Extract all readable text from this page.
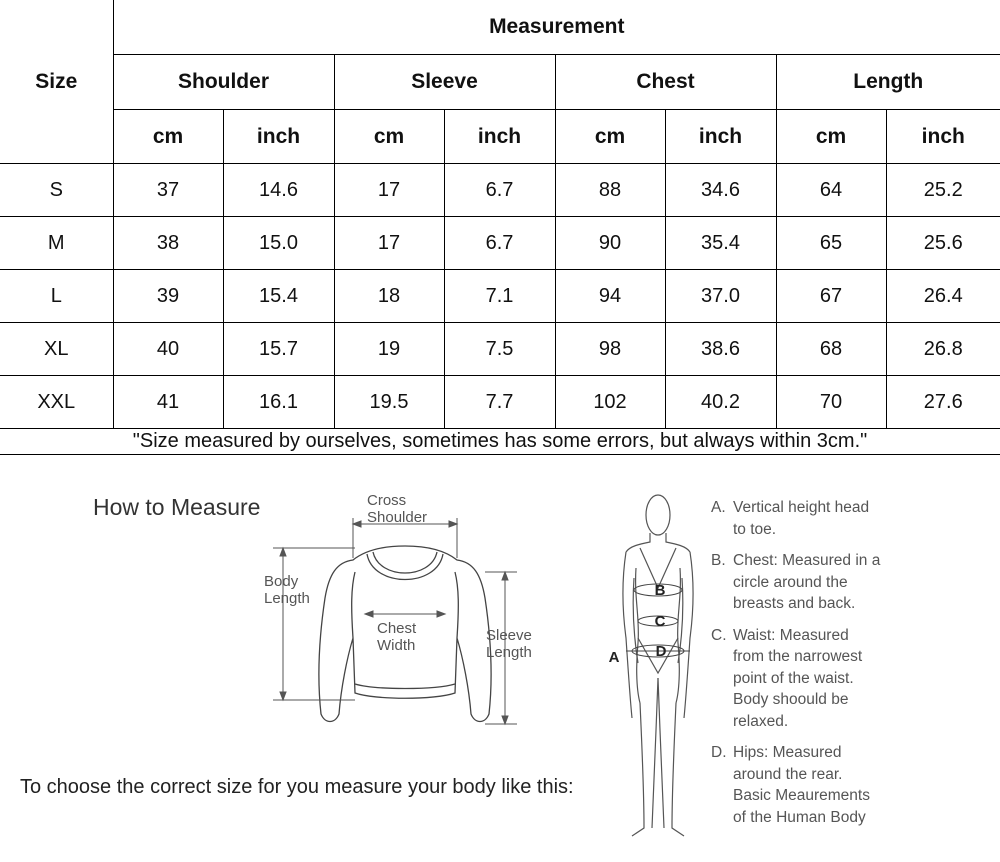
Size	Measurement							
	Shoulder		Sleeve		Chest		Length	
	cm	inch	cm	inch	cm	inch	cm	inch
S	37	14.6	17	6.7	88	34.6	64	25.2
M	38	15.0	17	6.7	90	35.4	65	25.6
L	39	15.4	18	7.1	94	37.0	67	26.4
XL	40	15.7	19	7.5	98	38.6	68	26.8
XXL	41	16.1	19.5	7.7	102	40.2	70	27.6
"Size measured by ourselves, sometimes has some errors, but always within 3cm."								
How to Measure
To choose the correct size for you measure your body like this:
Cross
Shoulder
Body
Length
Chest
Width
Sleeve
Length
B
C
D
A
A. Vertical height head
to toe.
B. Chest: Measured in a
circle around the
breasts and back.
C. Waist: Measured
from the narrowest
point of the waist.
Body shoould be
relaxed.
D. Hips: Measured
around the rear.
Basic Meaurements
of the Human Body
